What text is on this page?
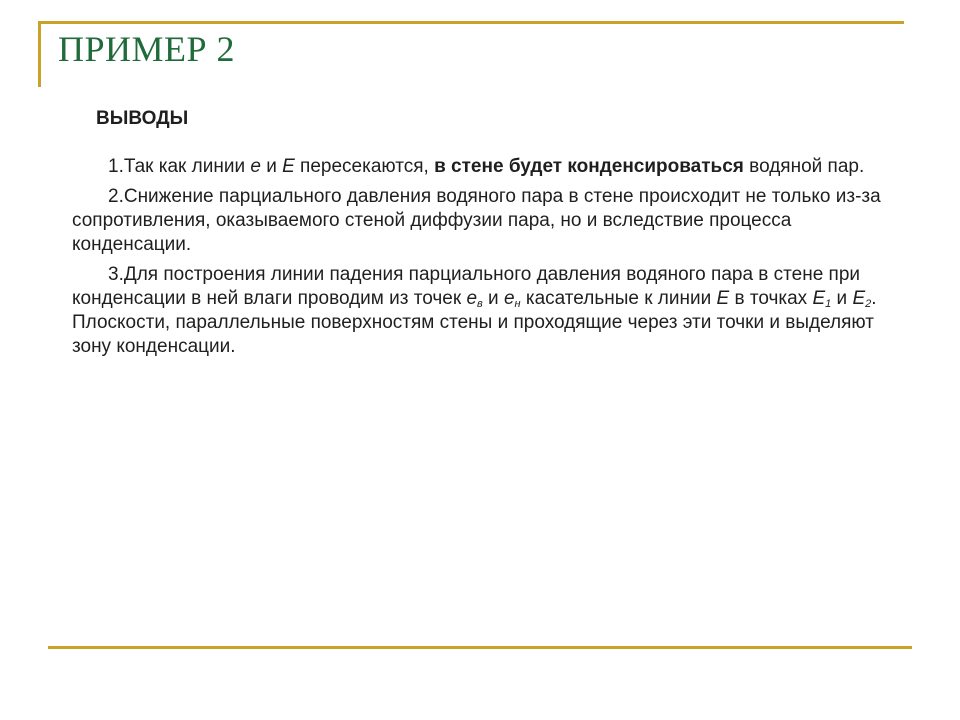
ПРИМЕР 2
ВЫВОДЫ

1.Так как линии e и E пересекаются, в стене будет конденсироваться водяной пар.

2.Снижение парциального давления водяного пара в стене происходит не только из-за сопротивления, оказываемого стеной диффузии пара, но и вследствие процесса конденсации.

3.Для построения линии падения парциального давления водяного пара в стене при конденсации в ней влаги проводим из точек $e_в$ и $e_н$ касательные к линии E в точках $E_1$ и $E_2$. Плоскости, параллельные поверхностям стены и проходящие через эти точки и выделяют зону конденсации.
